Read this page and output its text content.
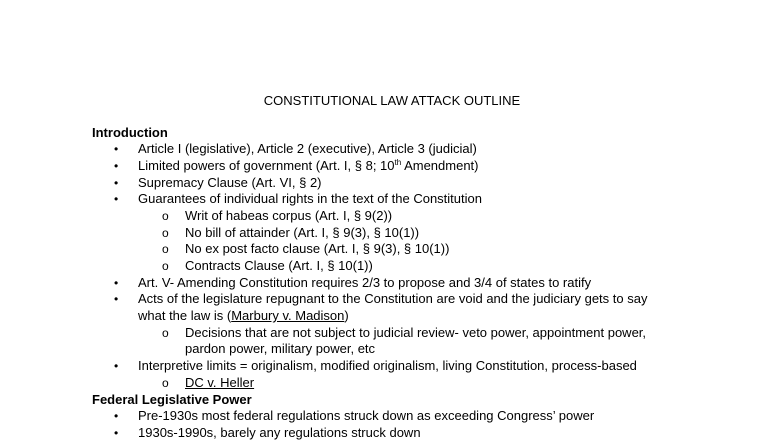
CONSTITUTIONAL LAW ATTACK OUTLINE
Introduction
•	Article I (legislative), Article 2 (executive), Article 3 (judicial)
•	Limited powers of government (Art. I, § 8; 10th Amendment)
•	Supremacy Clause (Art. VI, § 2)
•	Guarantees of individual rights in the text of the Constitution
o	Writ of habeas corpus (Art. I, § 9(2))
o	No bill of attainder (Art. I, § 9(3), § 10(1))
o	No ex post facto clause (Art. I, § 9(3), § 10(1))
o	Contracts Clause (Art. I, § 10(1))
•	Art. V- Amending Constitution requires 2/3 to propose and 3/4 of states to ratify
•	Acts of the legislature repugnant to the Constitution are void and the judiciary gets to say
what the law is (Marbury v. Madison)
o	Decisions that are not subject to judicial review- veto power, appointment power,
pardon power, military power, etc
•	Interpretive limits = originalism, modified originalism, living Constitution, process-based
o	DC v. Heller
Federal Legislative Power
•	Pre-1930s most federal regulations struck down as exceeding Congress’ power
•	1930s-1990s, barely any regulations struck down
